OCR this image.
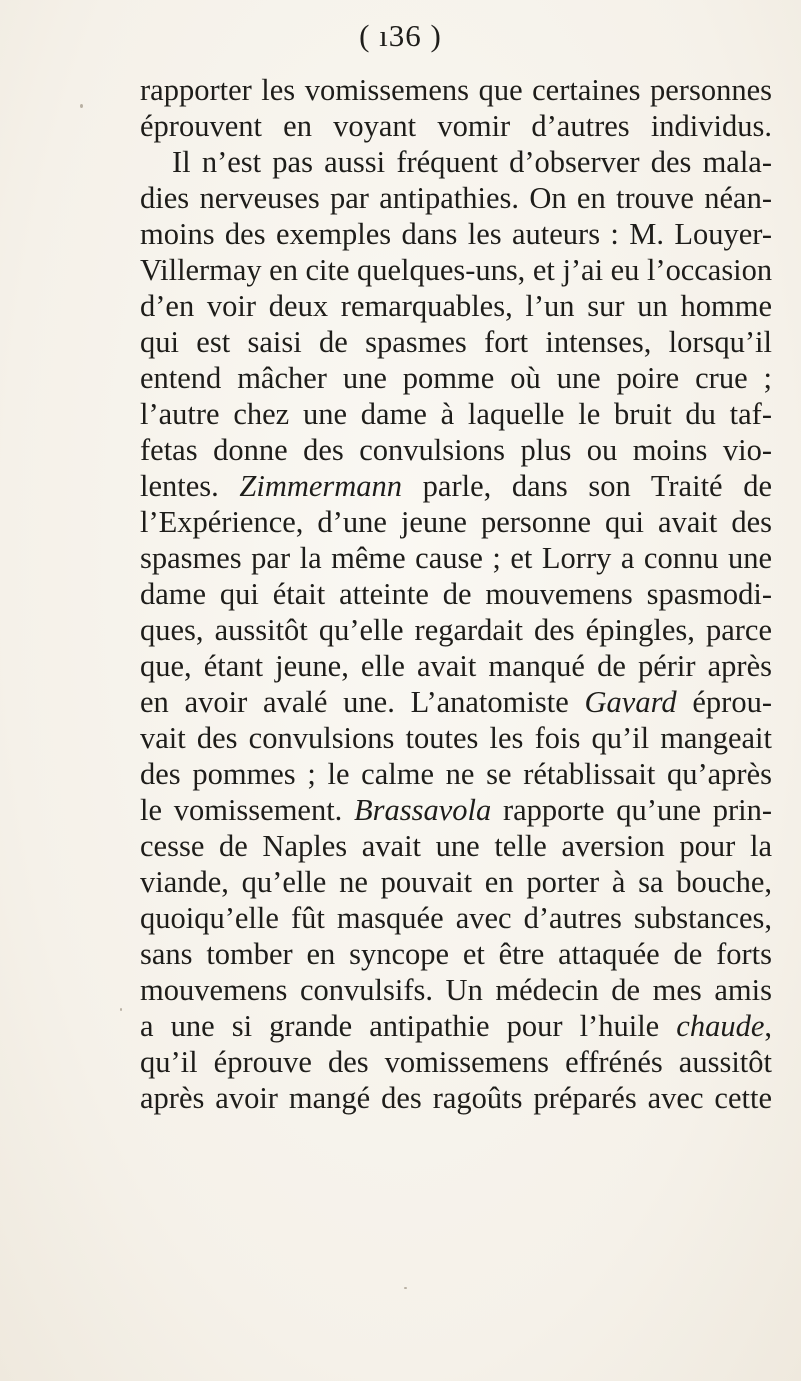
( ı36 )
rapporter les vomissemens que certaines personnes
éprouvent en voyant vomir d’autres individus.
Il n’est pas aussi fréquent d’observer des mala-
dies nerveuses par antipathies. On en trouve néan-
moins des exemples dans les auteurs : M. Louyer-
Villermay en cite quelques-uns, et j’ai eu l’occasion
d’en voir deux remarquables, l’un sur un homme
qui est saisi de spasmes fort intenses, lorsqu’il
entend mâcher une pomme où une poire crue ;
l’autre chez une dame à laquelle le bruit du taf-
fetas donne des convulsions plus ou moins vio-
lentes. Zimmermann parle, dans son Traité de
l’Expérience, d’une jeune personne qui avait des
spasmes par la même cause ; et Lorry a connu une
dame qui était atteinte de mouvemens spasmodi-
ques, aussitôt qu’elle regardait des épingles, parce
que, étant jeune, elle avait manqué de périr après
en avoir avalé une. L’anatomiste Gavard éprou-
vait des convulsions toutes les fois qu’il mangeait
des pommes ; le calme ne se rétablissait qu’après
le vomissement. Brassavola rapporte qu’une prin-
cesse de Naples avait une telle aversion pour la
viande, qu’elle ne pouvait en porter à sa bouche,
quoiqu’elle fût masquée avec d’autres substances,
sans tomber en syncope et être attaquée de forts
mouvemens convulsifs. Un médecin de mes amis
a une si grande antipathie pour l’huile chaude,
qu’il éprouve des vomissemens effrénés aussitôt
après avoir mangé des ragoûts préparés avec cette
